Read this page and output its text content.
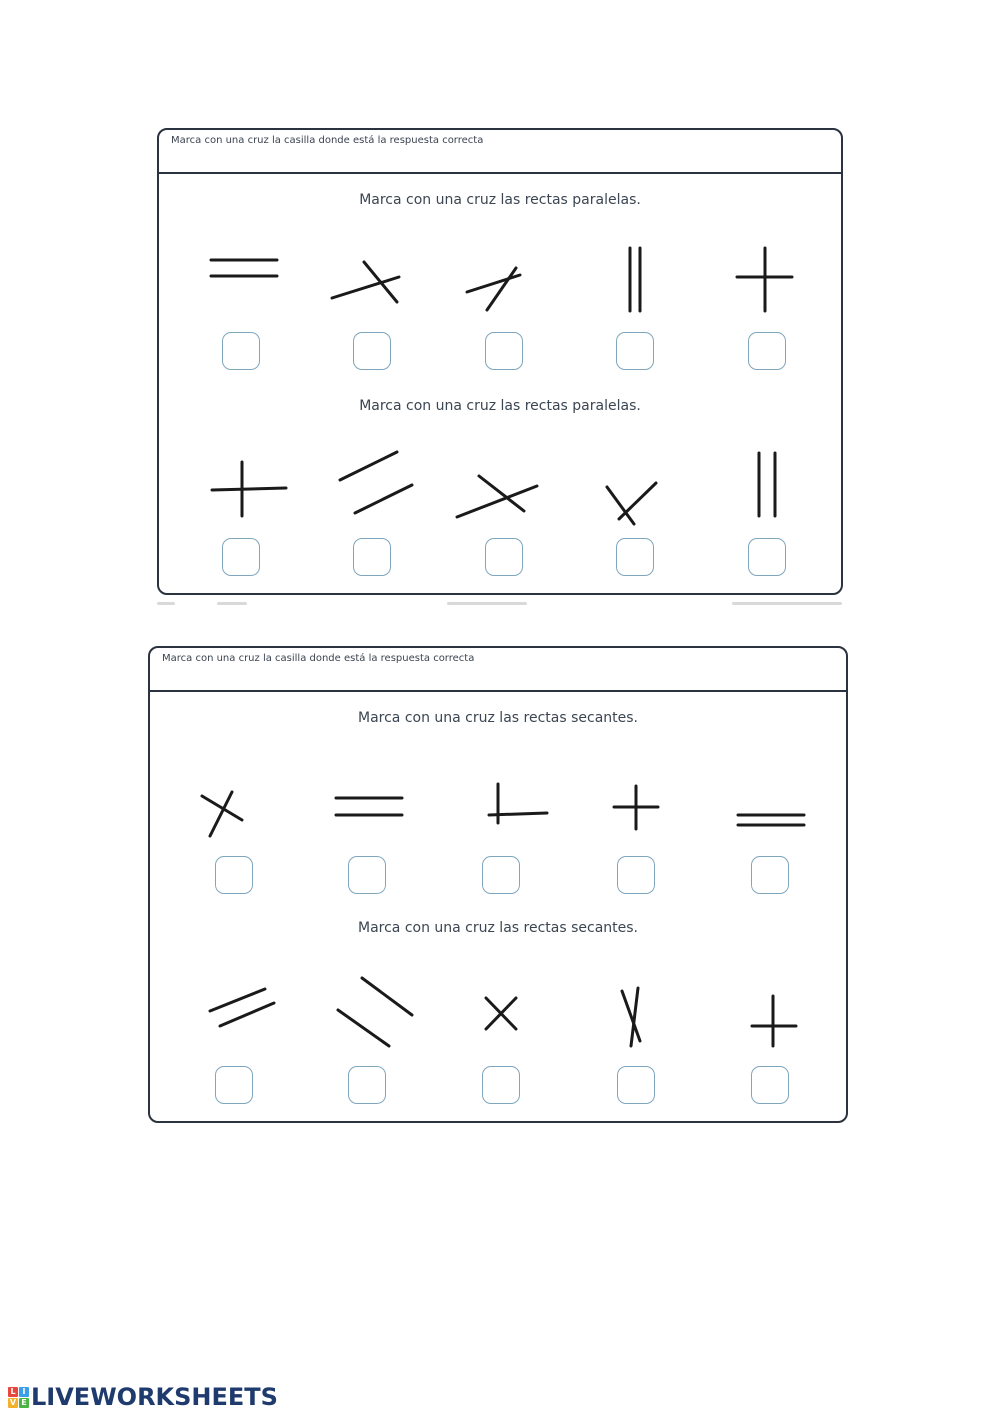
Marca con una cruz la casilla donde está la respuesta correcta
Marca con una cruz las rectas paralelas.
Marca con una cruz las rectas paralelas.
Marca con una cruz la casilla donde está la respuesta correcta
Marca con una cruz las rectas secantes.
Marca con una cruz las rectas secantes.
L I
V E LIVEWORKSHEETS
